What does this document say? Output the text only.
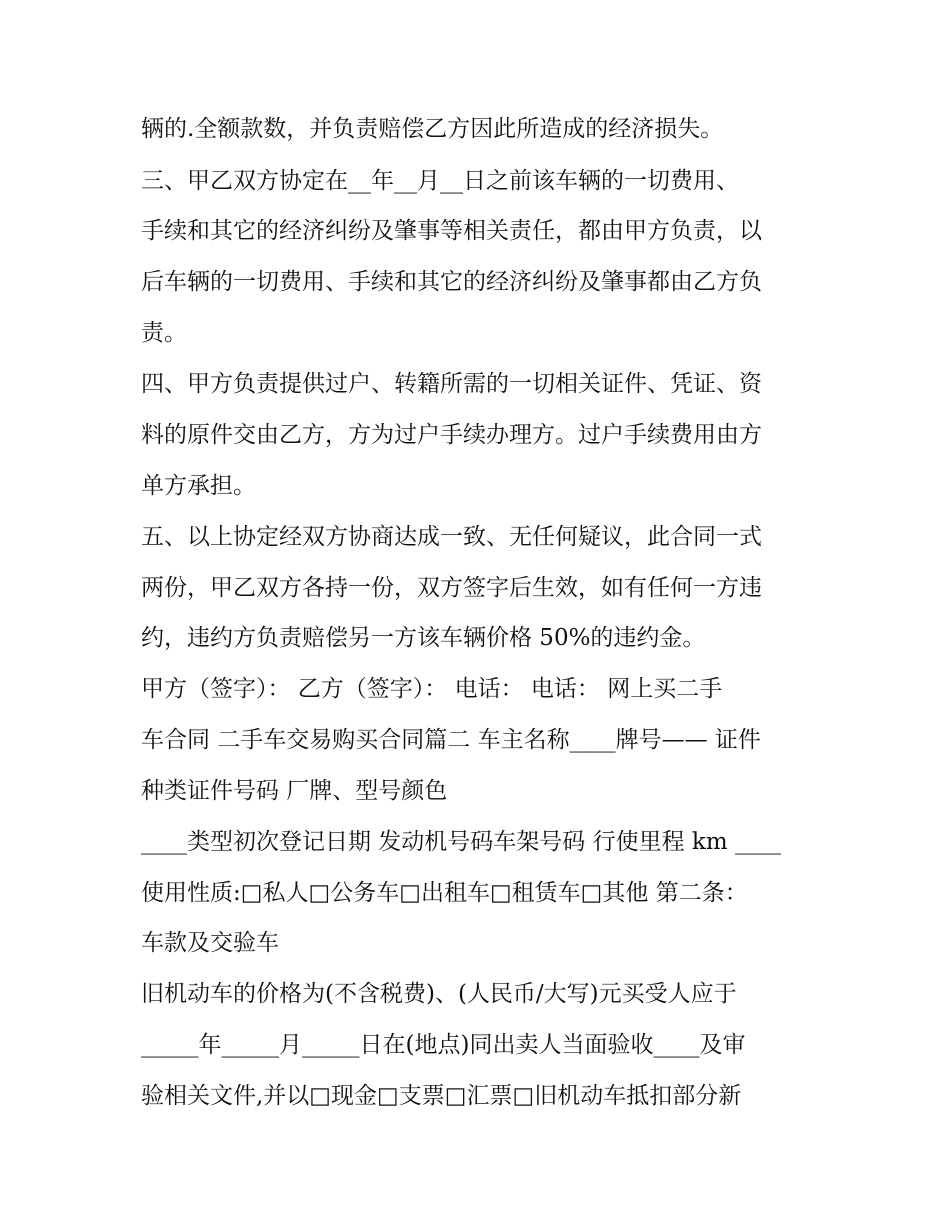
辆的.全额款数，并负责赔偿乙方因此所造成的经济损失。
三、甲乙双方协定在__年__月__日之前该车辆的一切费用、
手续和其它的经济纠纷及肇事等相关责任，都由甲方负责，以
后车辆的一切费用、手续和其它的经济纠纷及肇事都由乙方负
责。
四、甲方负责提供过户、转籍所需的一切相关证件、凭证、资
料的原件交由乙方，方为过户手续办理方。过户手续费用由方
单方承担。
五、以上协定经双方协商达成一致、无任何疑议，此合同一式
两份，甲乙双方各持一份，双方签字后生效，如有任何一方违
约，违约方负责赔偿另一方该车辆价格 50%的违约金。
甲方（签字）： 乙方（签字）： 电话： 电话： 网上买二手
车合同 二手车交易购买合同篇二 车主名称____牌号—— 证件
种类证件号码 厂牌、型号颜色
____类型初次登记日期 发动机号码车架号码 行使里程 km ____
使用性质:□私人□公务车□出租车□租赁车□其他 第二条：
车款及交验车
旧机动车的价格为(不含税费)、(人民币/大写)元买受人应于
_____年_____月_____日在(地点)同出卖人当面验收____及审
验相关文件,并以□现金□支票□汇票□旧机动车抵扣部分新
